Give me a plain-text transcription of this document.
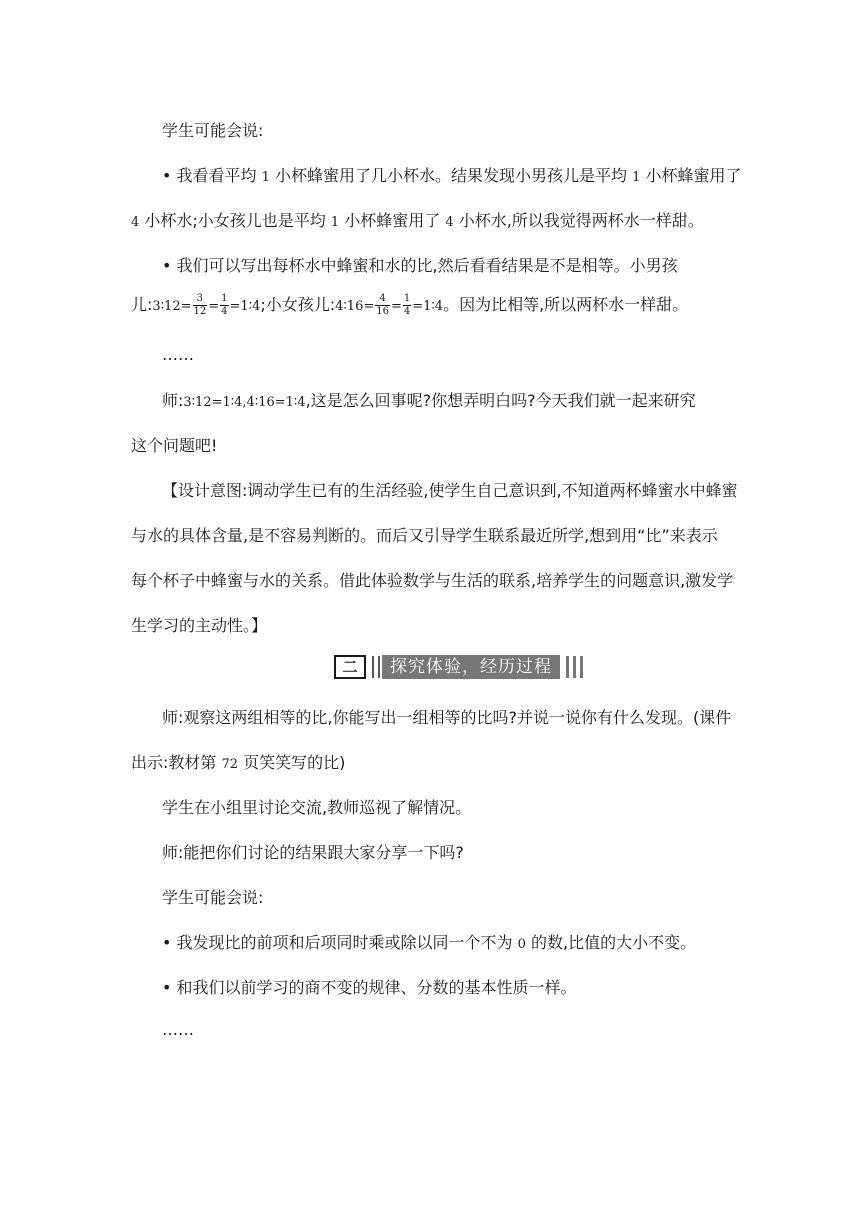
学生可能会说:
• 我看看平均 1 小杯蜂蜜用了几小杯水。结果发现小男孩儿是平均 1 小杯蜂蜜用了
4 小杯水;小女孩儿也是平均 1 小杯蜂蜜用了 4 小杯水,所以我觉得两杯水一样甜。
• 我们可以写出每杯水中蜂蜜和水的比,然后看看结果是不是相等。小男孩
儿:3∶12= $\frac{3}{12} = \frac{1}{4}$ =1∶4;小女孩儿:4∶16= $\frac{4}{16} = \frac{1}{4}$ =1∶4。因为比相等,所以两杯水一样甜。
……
师:3∶12=1∶4,4∶16=1∶4,这是怎么回事呢?你想弄明白吗?今天我们就一起来研究
这个问题吧!
【设计意图:调动学生已有的生活经验,使学生自己意识到,不知道两杯蜂蜜水中蜂蜜
与水的具体含量,是不容易判断的。而后又引导学生联系最近所学,想到用“比”来表示
每个杯子中蜂蜜与水的关系。借此体验数学与生活的联系,培养学生的问题意识,激发学
生学习的主动性。】
二	探究体验，经历过程
师:观察这两组相等的比,你能写出一组相等的比吗?并说一说你有什么发现。(课件
出示:教材第 72 页笑笑写的比)
学生在小组里讨论交流,教师巡视了解情况。
师:能把你们讨论的结果跟大家分享一下吗?
学生可能会说:
• 我发现比的前项和后项同时乘或除以同一个不为 0 的数,比值的大小不变。
• 和我们以前学习的商不变的规律、分数的基本性质一样。
……
